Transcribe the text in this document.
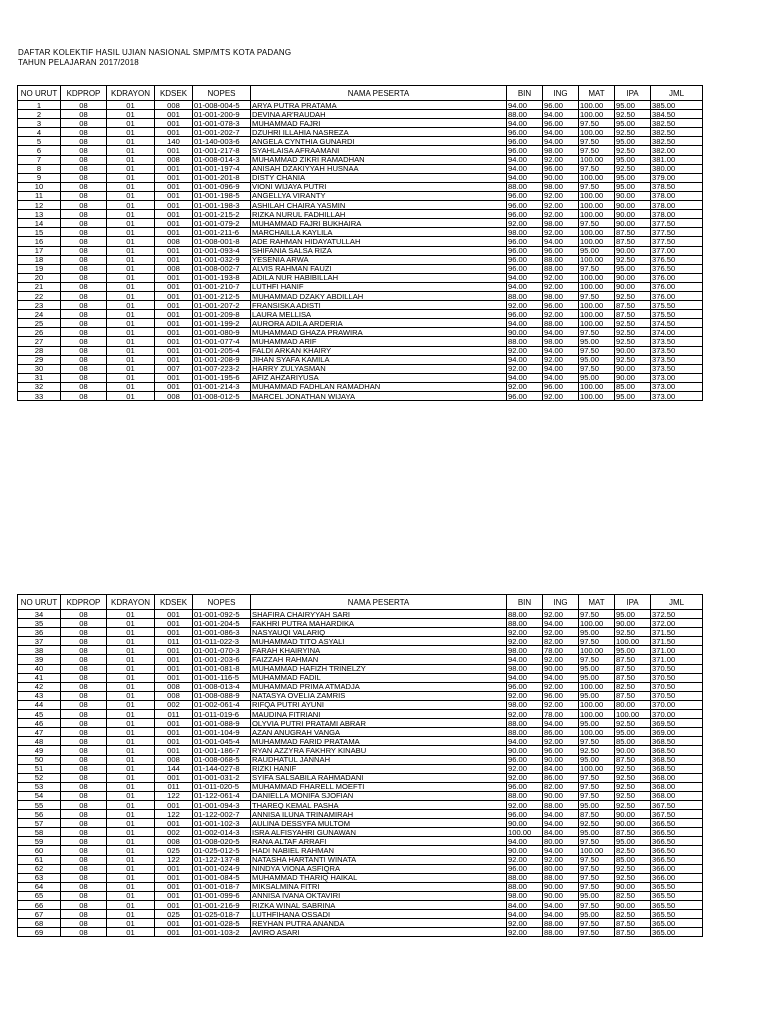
DAFTAR KOLEKTIF HASIL UJIAN NASIONAL SMP/MTS KOTA PADANG
TAHUN PELAJARAN 2017/2018
NO URUT	KDPROP	KDRAYON	KDSEK	NOPES	NAMA PESERTA	BIN	ING	MAT	IPA	JML
1	08	01	008	01-008-004-5	ARYA PUTRA PRATAMA	94.00	96.00	100.00	95.00	385.00
2	08	01	001	01-001-200-9	DEVINA AR'RAUDAH	88.00	94.00	100.00	92.50	384.50
3	08	01	001	01-001-078-3	MUHAMMAD FAJRI	94.00	96.00	97.50	95.00	382.50
4	08	01	001	01-001-202-7	DZUHRI ILLAHIA NASREZA	96.00	94.00	100.00	92.50	382.50
5	08	01	140	01-140-003-6	ANGELA CYNTHIA GUNARDI	96.00	94.00	97.50	95.00	382.50
6	08	01	001	01-001-217-8	SYAHLAISA AFRAAMANI	96.00	98.00	97.50	92.50	382.00
7	08	01	008	01-008-014-3	MUHAMMAD ZIKRI RAMADHAN	94.00	92.00	100.00	95.00	381.00
8	08	01	001	01-001-197-4	ANISAH DZAKIYYAH HUSNAA	94.00	96.00	97.50	92.50	380.00
9	08	01	001	01-001-201-8	DISTY CHANIA	94.00	90.00	100.00	95.00	379.00
10	08	01	001	01-001-096-9	VIONI WIJAYA PUTRI	88.00	98.00	97.50	95.00	378.50
11	08	01	001	01-001-198-5	ANGELLYA VIRANTY	96.00	92.00	100.00	90.00	378.00
12	08	01	001	01-001-198-3	ASHILAH CHAIRA YASMIN	96.00	92.00	100.00	90.00	378.00
13	08	01	001	01-001-215-2	RIZKA NURUL FADHILLAH	96.00	92.00	100.00	90.00	378.00
14	08	01	001	01-001-079-2	MUHAMMAD FAJRI BUKHAIRA	92.00	98.00	97.50	90.00	377.50
15	08	01	001	01-001-211-6	MARCHAILLA KAYLILA	98.00	92.00	100.00	87.50	377.50
16	08	01	008	01-008-001-8	ADE RAHMAN HIDAYATULLAH	96.00	94.00	100.00	87.50	377.50
17	08	01	001	01-001-093-4	SHIFANIA SALSA RIZA	96.00	96.00	95.00	90.00	377.00
18	08	01	001	01-001-032-9	YESENIA ARWA	96.00	88.00	100.00	92.50	376.50
19	08	01	008	01-008-002-7	ALVIS RAHMAN FAUZI	96.00	88.00	97.50	95.00	376.50
20	08	01	001	01-001-193-8	ADILA NUR HABIBILLAH	94.00	92.00	100.00	90.00	376.00
21	08	01	001	01-001-210-7	LUTHFI HANIF	94.00	92.00	100.00	90.00	376.00
22	08	01	001	01-001-212-5	MUHAMMAD DZAKY ABDILLAH	88.00	98.00	97.50	92.50	376.00
23	08	01	001	01-001-207-2	FRANSISKA ADISTI	92.00	96.00	100.00	87.50	375.50
24	08	01	001	01-001-209-8	LAURA MELLISA	96.00	92.00	100.00	87.50	375.50
25	08	01	001	01-001-199-2	AURORA ADILA ARDERIA	94.00	88.00	100.00	92.50	374.50
26	08	01	001	01-001-080-9	MUHAMMAD GHAZA PRAWIRA	90.00	94.00	97.50	92.50	374.00
27	08	01	001	01-001-077-4	MUHAMMAD ARIF	88.00	98.00	95.00	92.50	373.50
28	08	01	001	01-001-205-4	FALDI ARKAN KHAIRY	92.00	94.00	97.50	90.00	373.50
29	08	01	001	01-001-208-9	JIHAN SYAFA KAMILA	94.00	92.00	95.00	92.50	373.50
30	08	01	007	01-007-223-2	HARRY ZULYASMAN	92.00	94.00	97.50	90.00	373.50
31	08	01	001	01-001-195-6	AFIZ AHZARIYUSA	94.00	94.00	95.00	90.00	373.00
32	08	01	001	01-001-214-3	MUHAMMAD FADHLAN RAMADHAN	92.00	96.00	100.00	85.00	373.00
33	08	01	008	01-008-012-5	MARCEL JONATHAN WIJAYA	96.00	92.00	100.00	95.00	373.00
NO URUT	KDPROP	KDRAYON	KDSEK	NOPES	NAMA PESERTA	BIN	ING	MAT	IPA	JML
34	08	01	001	01-001-092-5	SHAFIRA CHAIRYYAH SARI	88.00	92.00	97.50	95.00	372.50
35	08	01	001	01-001-204-5	FAKHRI PUTRA MAHARDIKA	88.00	94.00	100.00	90.00	372.00
36	08	01	001	01-001-086-3	NASYAUQI VALARIQ	92.00	92.00	95.00	92.50	371.50
37	08	01	011	01-011-022-3	MUHAMMAD TITO ASYALI	92.00	82.00	97.50	100.00	371.50
38	08	01	001	01-001-070-3	FARAH KHAIRYINA	98.00	78.00	100.00	95.00	371.00
39	08	01	001	01-001-203-6	FAIZZAH RAHMAN	94.00	92.00	97.50	87.50	371.00
40	08	01	001	01-001-081-8	MUHAMMAD HAFIZH TRINELZY	98.00	90.00	95.00	87.50	370.50
41	08	01	001	01-001-116-5	MUHAMMAD FADIL	94.00	94.00	95.00	87.50	370.50
42	08	01	008	01-008-013-4	MUHAMMAD PRIMA ATMADJA	96.00	92.00	100.00	82.50	370.50
43	08	01	008	01-008-088-9	NATASYA OVELIA ZAMRIS	92.00	96.00	95.00	87.50	370.50
44	08	01	002	01-002-061-4	RIFQA PUTRI AYUNI	98.00	92.00	100.00	80.00	370.00
45	08	01	011	01-011-019-6	MAUDINA FITRIANI	92.00	78.00	100.00	100.00	370.00
46	08	01	001	01-001-088-9	OLYVIA PUTRI PRATAMI ABRAR	88.00	94.00	95.00	92.50	369.50
47	08	01	001	01-001-104-9	AZAN ANUGRAH VANGA	88.00	86.00	100.00	95.00	369.00
48	08	01	001	01-001-045-4	MUHAMMAD FARID PRATAMA	94.00	92.00	97.50	85.00	368.50
49	08	01	001	01-001-186-7	RYAN AZZYRA FAKHRY KINABU	90.00	96.00	92.50	90.00	368.50
50	08	01	008	01-008-068-5	RAUDHATUL JANNAH	96.00	90.00	95.00	87.50	368.50
51	08	01	144	01-144-027-8	RIZKI HANIF	92.00	84.00	100.00	92.50	368.50
52	08	01	001	01-001-031-2	SYIFA SALSABILA RAHMADANI	92.00	86.00	97.50	92.50	368.00
53	08	01	011	01-011-020-5	MUHAMMAD FHARELL MOEFTI	96.00	82.00	97.50	92.50	368.00
54	08	01	122	01-122-061-4	DANIELLA MONIFA SJOFIAN	88.00	90.00	97.50	92.50	368.00
55	08	01	001	01-001-094-3	THAREQ KEMAL PASHA	92.00	88.00	95.00	92.50	367.50
56	08	01	122	01-122-002-7	ANNISA ILUNA TRINAMIRAH	96.00	94.00	87.50	90.00	367.50
57	08	01	001	01-001-102-3	AULINA DESSYFA MULTOM	90.00	94.00	92.50	90.00	366.50
58	08	01	002	01-002-014-3	ISRA ALFISYAHRI GUNAWAN	100.00	84.00	95.00	87.50	366.50
59	08	01	008	01-008-020-5	RANA ALTAF ARRAFI	94.00	80.00	97.50	95.00	366.50
60	08	01	025	01-025-012-5	HADI NABIEL RAHMAN	90.00	94.00	100.00	82.50	366.50
61	08	01	122	01-122-137-8	NATASHA HARTANTI WINATA	92.00	92.00	97.50	85.00	366.50
62	08	01	001	01-001-024-9	NINDYA VIONA ASFIQRA	96.00	80.00	97.50	92.50	366.00
63	08	01	001	01-001-084-5	MUHAMMAD THARIQ HAIKAL	88.00	88.00	97.50	92.50	366.00
64	08	01	001	01-001-018-7	MIKSALMINA FITRI	88.00	90.00	97.50	90.00	365.50
65	08	01	001	01-001-099-6	ANNISA IVANA OKTAVIRI	98.00	90.00	95.00	82.50	365.50
66	08	01	001	01-001-216-9	RIZKA WINAL SABRINA	84.00	94.00	97.50	90.00	365.50
67	08	01	025	01-025-018-7	LUTHFIHANA OSSADI	94.00	94.00	95.00	82.50	365.50
68	08	01	001	01-001-028-5	REYHAN PUTRA ANANDA	92.00	88.00	97.50	87.50	365.00
69	08	01	001	01-001-103-2	AVIRO ASARI	92.00	88.00	97.50	87.50	365.00
